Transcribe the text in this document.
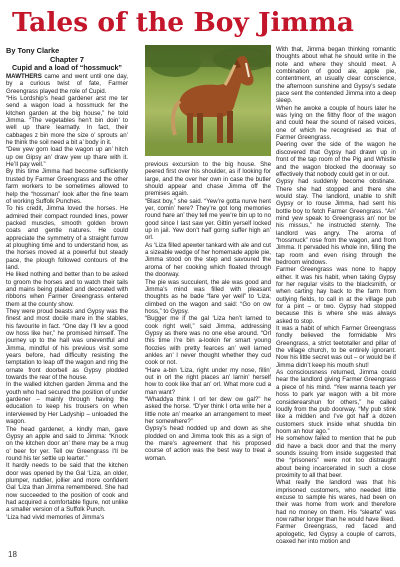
Tales of the Boy Jimma
By Tony Clarke
Chapter 7
Cupid and a load of “hossmuck”

MAWTHERS came and went until one day, by a curious twist of fate, Farmer Greengrass played the role of Cupid.

“His Lordship’s head gardener arst me ter send a wagon load a hossmuck fer the kitchen garden at the big house,” he told Jimma. “The vegetables hen’t bin doin’ to well up thare learnatly. In fact, their cabbages z bin more the size o’ sprouts an’ he think the soil need a bit a’ body in it.

“Dew yew gorn load the wagon up an’ hitch up ow Gipsy an’ draw yew up thare with it. He’ll pay well.”

By this time Jimma had become sufficiently trusted by Farmer Greengrass and the other farm workers to be sometimes allowed to help the “hossman” look after the fine team of working Suffolk Punches.

To his credit, Jimma loved the horses. He admired their compact rounded lines, power packed muscles, smooth golden brown coats and gentle natures. He could appreciate the symmetry of a straight furrow at ploughing time and to understand how, as the horses moved at a powerful but steady pace, the plough followed contours of the land.

He liked nothing and better than to be asked to groom the horses and to watch their tails and mains being plaited and decorated with ribbons when Farmer Greengrass entered them at the county show.

They were proud beasts and Gypsy was the finest and most docile mare in the stables, his favourite in fact. “One day I’ll lev a good ow hoss like her,” he promised himself. The journey up to the hall was uneventful and Jimma, mindful of his previous visit some years before, had difficulty resisting the temptation to leap off the wagon and ring the ornate front doorbell as Gypsy plodded towards the rear of the house.

In the walled kitchen garden Jimma and the youth who had secured the position of under gardener – mainly through having the education to keep his trousers on when interviewed by Her Ladyship – unloaded the wagon.

The head gardener, a kindly man, gave Gypsy an apple and said to Jimma: “Knock on the kitchen door an’ there may be a mug o’ beer for yer. Tell ow Greengrass I’ll be round his ter settle up learter.”

It hardly needs to be said that the kitchen door was opened by the Gal ‘Liza, an older, plumper, ruddier, jollier and more confident Gal ‘Liza than Jimma remembered. She had now succeeded to the position of cook and had acquired a comfortable figure, not unlike a smaller version of a Suffolk Punch.

‘Liza had vivid memories of Jimma’s

previous excursion to the big house. She peered first over his shoulder, as if looking for large, and the over her own in case the butler should appear and chase Jimma off the premises again.

“Blast boy,” she said. “Yew’re gotta nurve hent yer, comin’ here? They’re got long memories round hare an’ they tell me yew’re bin up to no good since I last saw yer. Gittin yerself locked up in jail. Yew don’t half gorng suffer high an’ orl.

As ‘Liza filled apewter tankard with ale and cut a sizeable wedge of her homemade apple pie, Jimma stood on the step and savoured the aroma of her cooking which floated through the doorway.

The pie was succulent, the ale was good and Jimma’s mind was filled with pleasant thoughts as he bade “fare yer well” to ‘Liza, climbed on the wagon and said: “Go on ow hoss,” to Gypsy.

“Bugger me if the gal ‘Liza hen’t larned to cook right well,” said Jimma, addressing Gypsy as there was no one else around. “Orl this time I’re bin a-lookin fer smart young floozies with pretty fearces an’ well larned ankles an’ I never thought whether they cud cook or not.

“Hare a-bin ‘Liza, right under my nose, fillin’ out in orl the right places an’ larnin’ herself how to cook like that an’ orl. What more cud a man want?

“Whaddya think I orl ter dew ow gal?” he asked the horse. “D’yer think I orta write her a little note an’ mearke an arrangement to meet her somewhere?”

Gypsy’s head nodded up and down as she plodded on and Jimma took this as a sign of the mare’s agreement that his proposed course of action was the best way to treat a woman.

With that, Jimma began thinking romantic thoughts about what he should write in the note and where they should meet. A combination of good ale, apple pie, contentment, an usually clear conscience, the afternoon sunshine and Gypsy’s sedate pace sent the contended Jimma into a deep sleep.

When he awoke a couple of hours later he was lying on the filthy floor of the wagon and could hear the sound of raised voices, one of which he recognised as that of Farmer Greengrass.

Peering over the side of the wagon he discovered that Gypsy had drawn up in front of the tap room of the Pig and Whistle and the wagon blocked the doorway so effectively that nobody could get in or out.

Gypsy had suddenly become obstinate. There she had stopped and there she would stay. The landlord, unable to shift Gypsy or to rouse Jimma, had sent his bottle boy to fetch Farmer Greengrass. “An’ mind yew speak to Greengrass an’ nor be his missus,” he instructed sternly. The landlord was angry. The aroma of “hossmuck” rose from the wagon, and from Jimma. It pervaded his whole inn, filling the tap room and even rising through the bedroom windows.

Farmer Greengrass was none to happy either. It was his habit, when taking Gypsy for her regular visits to the blacksmith, or when carting hay back to the farm from outlying fields, to call in at the village pub for a pint – or two. Gypsy had stopped because this is where she was always asked to stop.

It was a habit of which Farmer Greengrass fondly believed the formidable Mrs Greengrass, a strict teetotaller and pillar of the village church, to be entirely ignorant. Now his little secret was out – or would be if Jimma didn’t keep his mouth shut!

As consciousness returned, Jimma could hear the landlord giving Farmer Greengrass a piece of his mind. “Yew wanna teach yer hoss to park yar wagon with a bit more considerearshun for others,” he called loudly from the pub doorway. “My pub stink like a midden and I’ve got half a dozen customers stuck inside what shudda bin hoom an hour ago.”

He somehow failed to mention that he pub did have a back door and that the merry sounds issuing from inside suggested that the “prisoners” were not too distraught about being incarcerated in such a close proximity to all that beer.

What really the landlord was that his imprisoned customers, who needed little excuse to sample his wares, had been on their was home from work and therefore had no money on them. His “slearte” was now rather longer than he would have liked.

Farmer Greengrass, red faced and apologetic, fed Gypsy a couple of carrots, coaxed her into motion and

18
